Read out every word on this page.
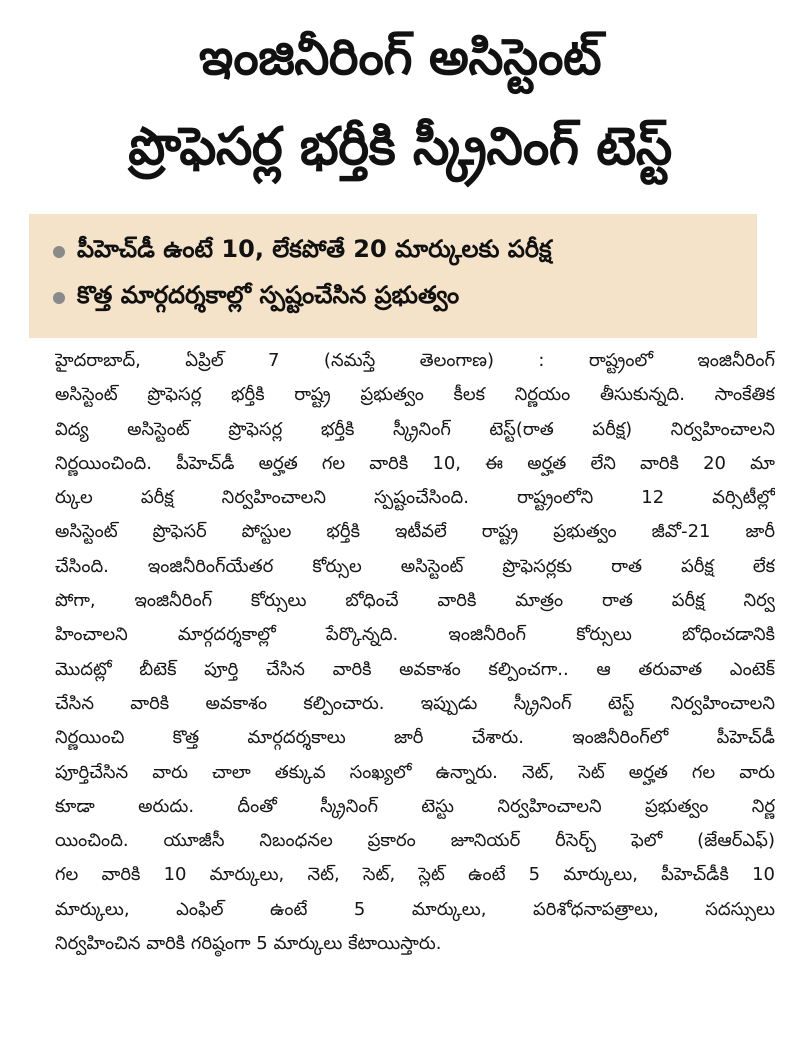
ఇంజినీరింగ్ అసిస్టెంట్
ప్రొఫెసర్ల భర్తీకి స్క్రీనింగ్ టెస్ట్
పీహెచ్‌డీ ఉంటే 10, లేకపోతే 20 మార్కులకు పరీక్ష
కొత్త మార్గదర్శకాల్లో స్పష్టంచేసిన ప్రభుత్వం
హైదరాబాద్, ఏప్రిల్ 7 (నమస్తే తెలంగాణ) : రాష్ట్రంలో ఇంజినీరింగ్
అసిస్టెంట్ ప్రొఫెసర్ల భర్తీకి రాష్ట్ర ప్రభుత్వం కీలక నిర్ణయం తీసుకున్నది. సాంకేతిక
విద్య అసిస్టెంట్ ప్రొఫెసర్ల భర్తీకి స్క్రీనింగ్ టెస్ట్(రాత పరీక్ష) నిర్వహించాలని
నిర్ణయించింది. పీహెచ్‌డీ అర్హత గల వారికి 10, ఈ అర్హత లేని వారికి 20 మా
ర్కుల పరీక్ష నిర్వహించాలని స్పష్టంచేసింది. రాష్ట్రంలోని 12 వర్సిటీల్లో
అసిస్టెంట్ ప్రొఫెసర్ పోస్టుల భర్తీకి ఇటీవలే రాష్ట్ర ప్రభుత్వం జీవో-21 జారీ
చేసింది. ఇంజినీరింగ్‌యేతర కోర్సుల అసిస్టెంట్ ప్రొఫెసర్లకు రాత పరీక్ష లేక
పోగా, ఇంజినీరింగ్ కోర్సులు బోధించే వారికి మాత్రం రాత పరీక్ష నిర్వ
హించాలని మార్గదర్శకాల్లో పేర్కొన్నది. ఇంజినీరింగ్ కోర్సులు బోధించడానికి
మొదట్లో బీటెక్ పూర్తి చేసిన వారికి అవకాశం కల్పించగా.. ఆ తరువాత ఎంటెక్
చేసిన వారికి అవకాశం కల్పించారు. ఇప్పుడు స్క్రీనింగ్ టెస్ట్ నిర్వహించాలని
నిర్ణయించి కొత్త మార్గదర్శకాలు జారీ చేశారు. ఇంజినీరింగ్‌లో పీహెచ్‌డీ
పూర్తిచేసిన వారు చాలా తక్కువ సంఖ్యలో ఉన్నారు. నెట్, సెట్ అర్హత గల వారు
కూడా అరుదు. దీంతో స్క్రీనింగ్ టెస్టు నిర్వహించాలని ప్రభుత్వం నిర్ణ
యించింది. యూజీసీ నిబంధనల ప్రకారం జూనియర్ రీసెర్చ్ ఫెలో (జేఆర్ఎఫ్)
గల వారికి 10 మార్కులు, నెట్, సెట్, స్లెట్ ఉంటే 5 మార్కులు, పీహెచ్‌డీకి 10
మార్కులు, ఎంఫిల్ ఉంటే 5 మార్కులు, పరిశోధనాపత్రాలు, సదస్సులు
నిర్వహించిన వారికి గరిష్ఠంగా 5 మార్కులు కేటాయిస్తారు.
